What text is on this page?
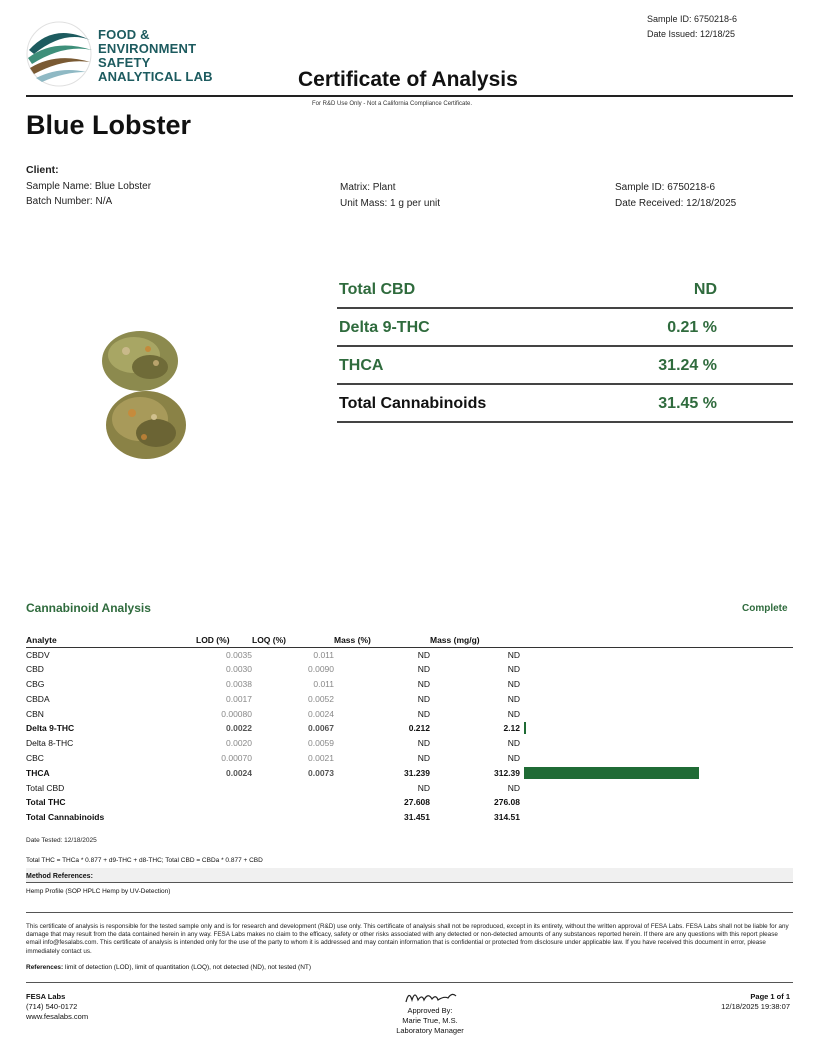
FOOD &
ENVIRONMENT
SAFETY
ANALYTICAL LAB
Sample ID: 6750218-6
Date Issued: 12/18/25
Certificate of Analysis
For R&D Use Only - Not a California Compliance Certificate.
Blue Lobster
Client:
Sample Name: Blue Lobster
Batch Number: N/A
Matrix: Plant
Unit Mass: 1 g per unit
Sample ID: 6750218-6
Date Received: 12/18/2025
Total CBD	ND
Delta 9-THC	0.21 %
THCA	31.24 %
Total Cannabinoids	31.45 %
Cannabinoid Analysis	Complete
Analyte	LOD (%)	LOQ (%)	Mass (%)	Mass (mg/g)	
CBDV	0.0035	0.011	ND	ND	
CBD	0.0030	0.0090	ND	ND	
CBG	0.0038	0.011	ND	ND	
CBDA	0.0017	0.0052	ND	ND	
CBN	0.00080	0.0024	ND	ND	
Delta 9-THC	0.0022	0.0067	0.212	2.12	
Delta 8-THC	0.0020	0.0059	ND	ND	
CBC	0.00070	0.0021	ND	ND	
THCA	0.0024	0.0073	31.239	312.39	
Total CBD			ND	ND	
Total THC			27.608	276.08	
Total Cannabinoids			31.451	314.51	
Date Tested: 12/18/2025
Total THC = THCa * 0.877 + d9-THC + d8-THC; Total CBD = CBDa * 0.877 + CBD
Method References:
Hemp Profile (SOP HPLC Hemp by UV-Detection)
This certificate of analysis is responsible for the tested sample only and is for research and development (R&D) use only. This certificate of analysis shall not be reproduced, except in its entirety, without the written approval of FESA Labs. FESA Labs shall not be liable for any damage that may result from the data contained herein in any way. FESA Labs makes no claim to the efficacy, safety or other risks associated with any detected or non-detected amounts of any substances reported herein. If there are any questions with this report please email info@fesalabs.com. This certificate of analysis is intended only for the use of the party to whom it is addressed and may contain information that is confidential or protected from disclosure under applicable law. If you have received this document in error, please immediately contact us.
References: limit of detection (LOD), limit of quantitation (LOQ), not detected (ND), not tested (NT)
FESA Labs
(714) 540-0172
www.fesalabs.com
Approved By:
Marie True, M.S.
Laboratory Manager
Page 1 of 1
12/18/2025 19:38:07
